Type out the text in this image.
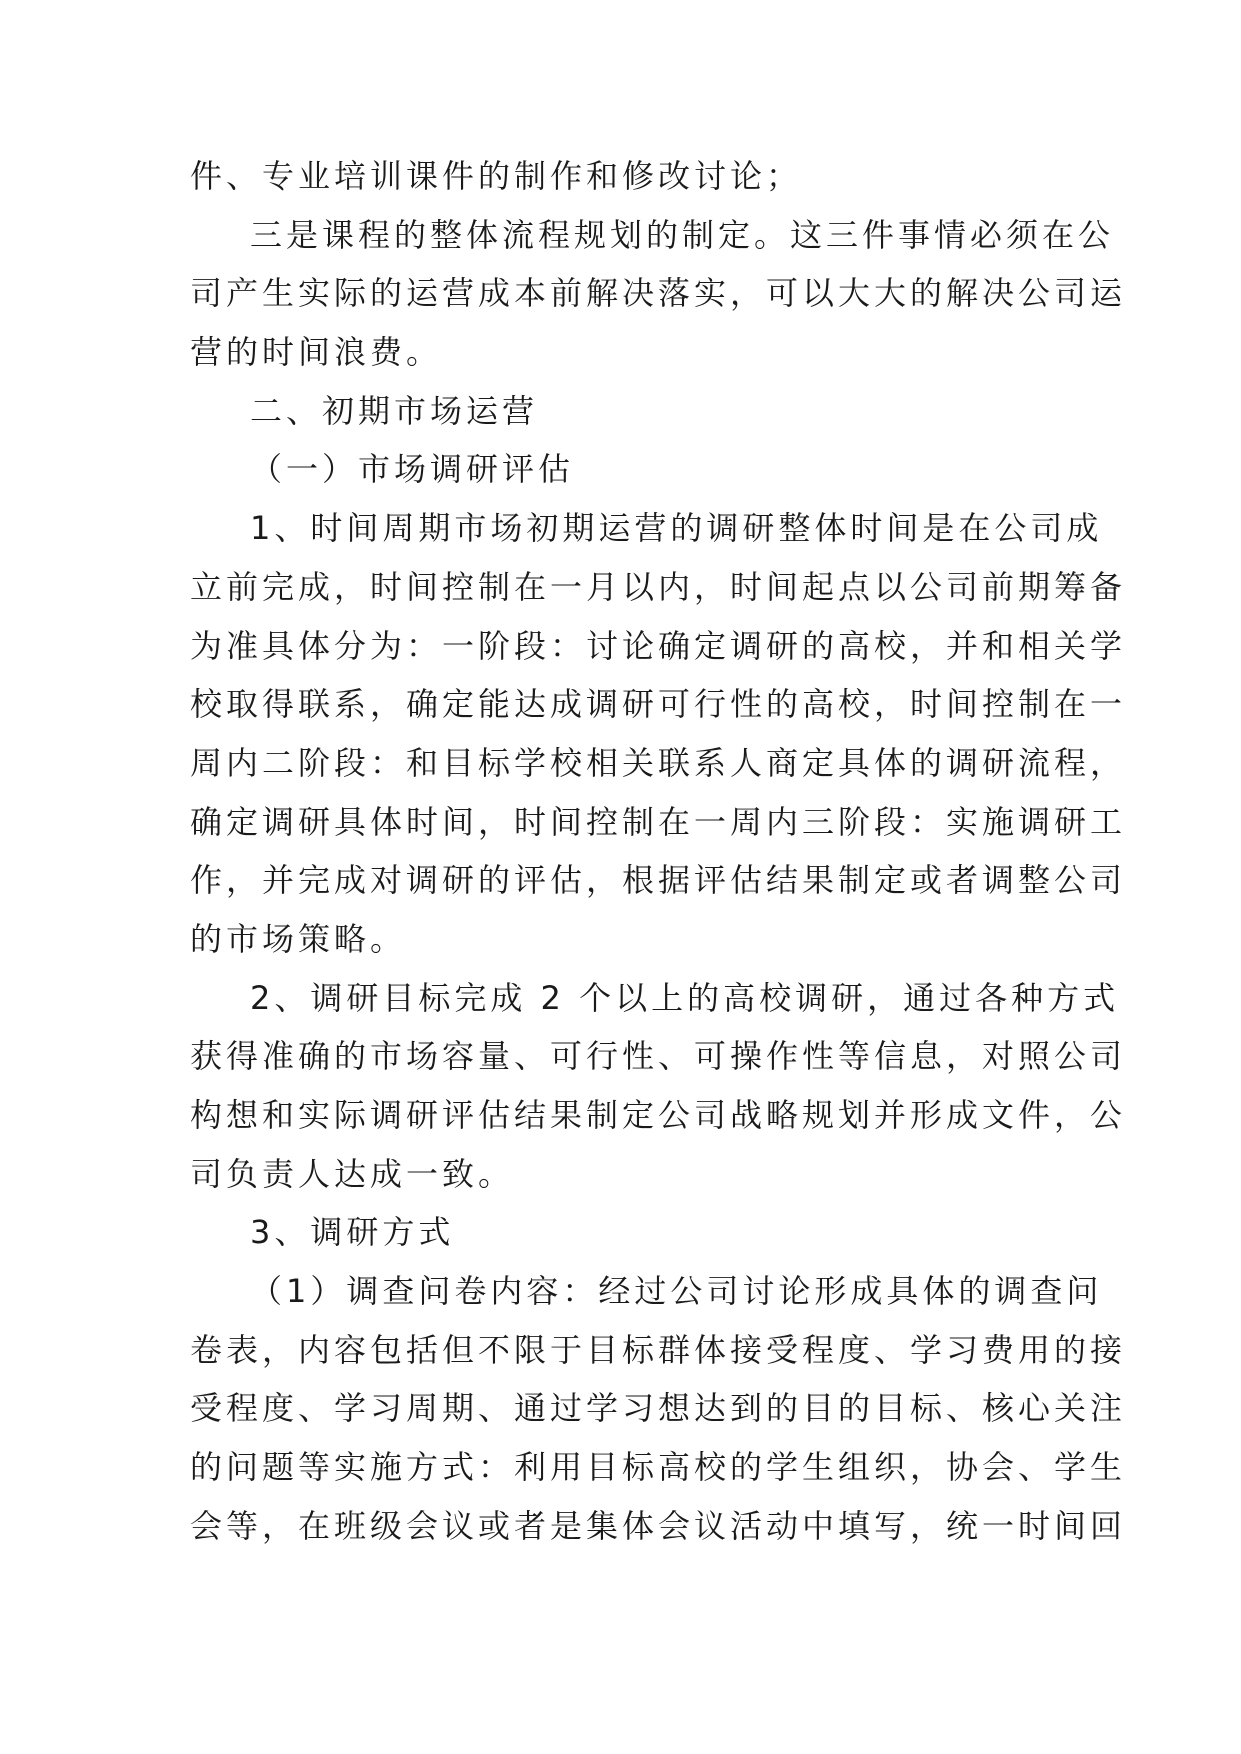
件、专业培训课件的制作和修改讨论；
三是课程的整体流程规划的制定。这三件事情必须在公
司产生实际的运营成本前解决落实，可以大大的解决公司运
营的时间浪费。
二、初期市场运营
（一）市场调研评估
1、时间周期市场初期运营的调研整体时间是在公司成
立前完成，时间控制在一月以内，时间起点以公司前期筹备
为准具体分为：一阶段：讨论确定调研的高校，并和相关学
校取得联系，确定能达成调研可行性的高校，时间控制在一
周内二阶段：和目标学校相关联系人商定具体的调研流程，
确定调研具体时间，时间控制在一周内三阶段：实施调研工
作，并完成对调研的评估，根据评估结果制定或者调整公司
的市场策略。
2、调研目标完成 2 个以上的高校调研，通过各种方式
获得准确的市场容量、可行性、可操作性等信息，对照公司
构想和实际调研评估结果制定公司战略规划并形成文件，公
司负责人达成一致。
3、调研方式
（1）调查问卷内容：经过公司讨论形成具体的调查问
卷表，内容包括但不限于目标群体接受程度、学习费用的接
受程度、学习周期、通过学习想达到的目的目标、核心关注
的问题等实施方式：利用目标高校的学生组织，协会、学生
会等，在班级会议或者是集体会议活动中填写，统一时间回
